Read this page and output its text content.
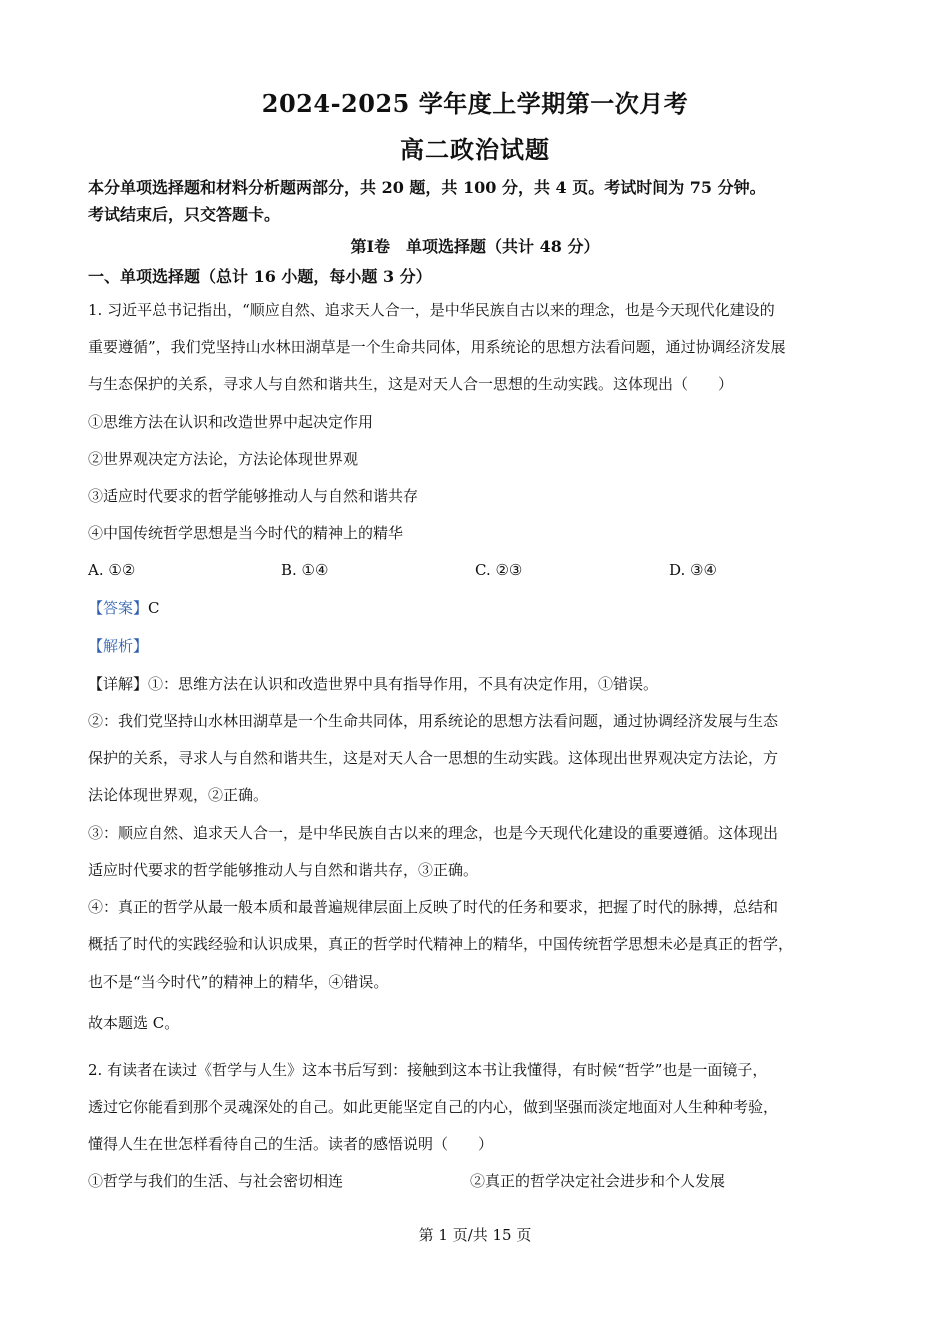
2024-2025 学年度上学期第一次月考
高二政治试题
本分单项选择题和材料分析题两部分，共 20 题，共 100 分，共 4 页。考试时间为 75 分钟。
考试结束后，只交答题卡。
第Ⅰ卷　单项选择题（共计 48 分）
一、单项选择题（总计 16 小题，每小题 3 分）
1. 习近平总书记指出，“顺应自然、追求天人合一，是中华民族自古以来的理念，也是今天现代化建设的
重要遵循”，我们党坚持山水林田湖草是一个生命共同体，用系统论的思想方法看问题，通过协调经济发展
与生态保护的关系，寻求人与自然和谐共生，这是对天人合一思想的生动实践。这体现出（　　）
①思维方法在认识和改造世界中起决定作用
②世界观决定方法论，方法论体现世界观
③适应时代要求的哲学能够推动人与自然和谐共存
④中国传统哲学思想是当今时代的精神上的精华
A. ①②	B. ①④	C. ②③	D. ③④
【答案】C
【解析】
【详解】①：思维方法在认识和改造世界中具有指导作用，不具有决定作用，①错误。
②：我们党坚持山水林田湖草是一个生命共同体，用系统论的思想方法看问题，通过协调经济发展与生态
保护的关系，寻求人与自然和谐共生，这是对天人合一思想的生动实践。这体现出世界观决定方法论，方
法论体现世界观，②正确。
③：顺应自然、追求天人合一，是中华民族自古以来的理念，也是今天现代化建设的重要遵循。这体现出
适应时代要求的哲学能够推动人与自然和谐共存，③正确。
④：真正的哲学从最一般本质和最普遍规律层面上反映了时代的任务和要求，把握了时代的脉搏，总结和
概括了时代的实践经验和认识成果，真正的哲学时代精神上的精华，中国传统哲学思想未必是真正的哲学，
也不是“当今时代”的精神上的精华，④错误。
故本题选 C。
2. 有读者在读过《哲学与人生》这本书后写到：接触到这本书让我懂得，有时候“哲学”也是一面镜子，
透过它你能看到那个灵魂深处的自己。如此更能坚定自己的内心，做到坚强而淡定地面对人生种种考验，
懂得人生在世怎样看待自己的生活。读者的感悟说明（　　）
①哲学与我们的生活、与社会密切相连	②真正的哲学决定社会进步和个人发展
第 1 页/共 15 页
